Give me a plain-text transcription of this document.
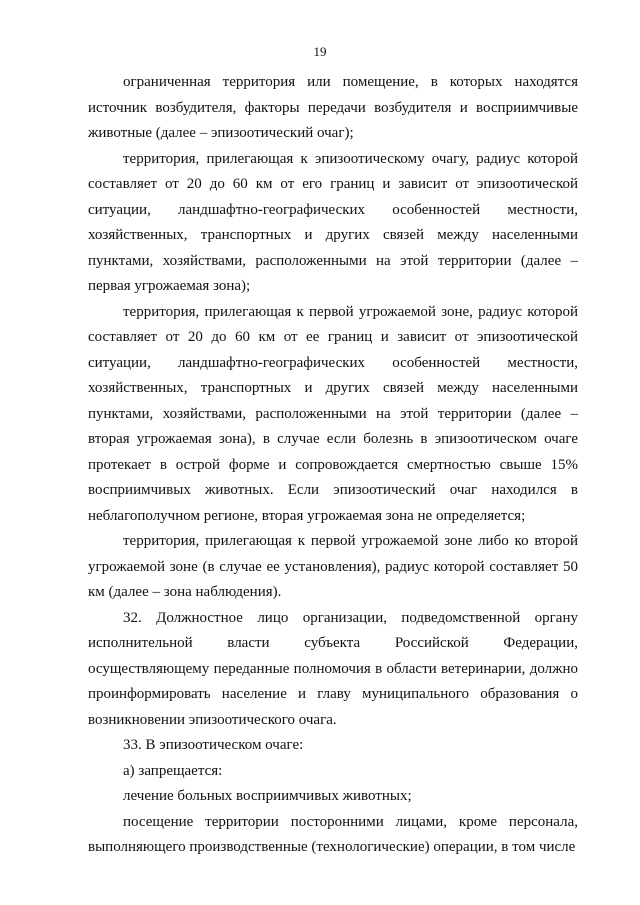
19

ограниченная территория или помещение, в которых находятся источник возбудителя, факторы передачи возбудителя и восприимчивые животные (далее – эпизоотический очаг);

территория, прилегающая к эпизоотическому очагу, радиус которой составляет от 20 до 60 км от его границ и зависит от эпизоотической ситуации, ландшафтно-географических особенностей местности, хозяйственных, транспортных и других связей между населенными пунктами, хозяйствами, расположенными на этой территории (далее – первая угрожаемая зона);

территория, прилегающая к первой угрожаемой зоне, радиус которой составляет от 20 до 60 км от ее границ и зависит от эпизоотической ситуации, ландшафтно-географических особенностей местности, хозяйственных, транспортных и других связей между населенными пунктами, хозяйствами, расположенными на этой территории (далее – вторая угрожаемая зона), в случае если болезнь в эпизоотическом очаге протекает в острой форме и сопровождается смертностью свыше 15% восприимчивых животных. Если эпизоотический очаг находился в неблагополучном регионе, вторая угрожаемая зона не определяется;

территория, прилегающая к первой угрожаемой зоне либо ко второй угрожаемой зоне (в случае ее установления), радиус которой составляет 50 км (далее – зона наблюдения).

32. Должностное лицо организации, подведомственной органу исполнительной власти субъекта Российской Федерации, осуществляющему переданные полномочия в области ветеринарии, должно проинформировать население и главу муниципального образования о возникновении эпизоотического очага.

33. В эпизоотическом очаге:

а) запрещается:

лечение больных восприимчивых животных;

посещение территории посторонними лицами, кроме персонала, выполняющего производственные (технологические) операции, в том числе
